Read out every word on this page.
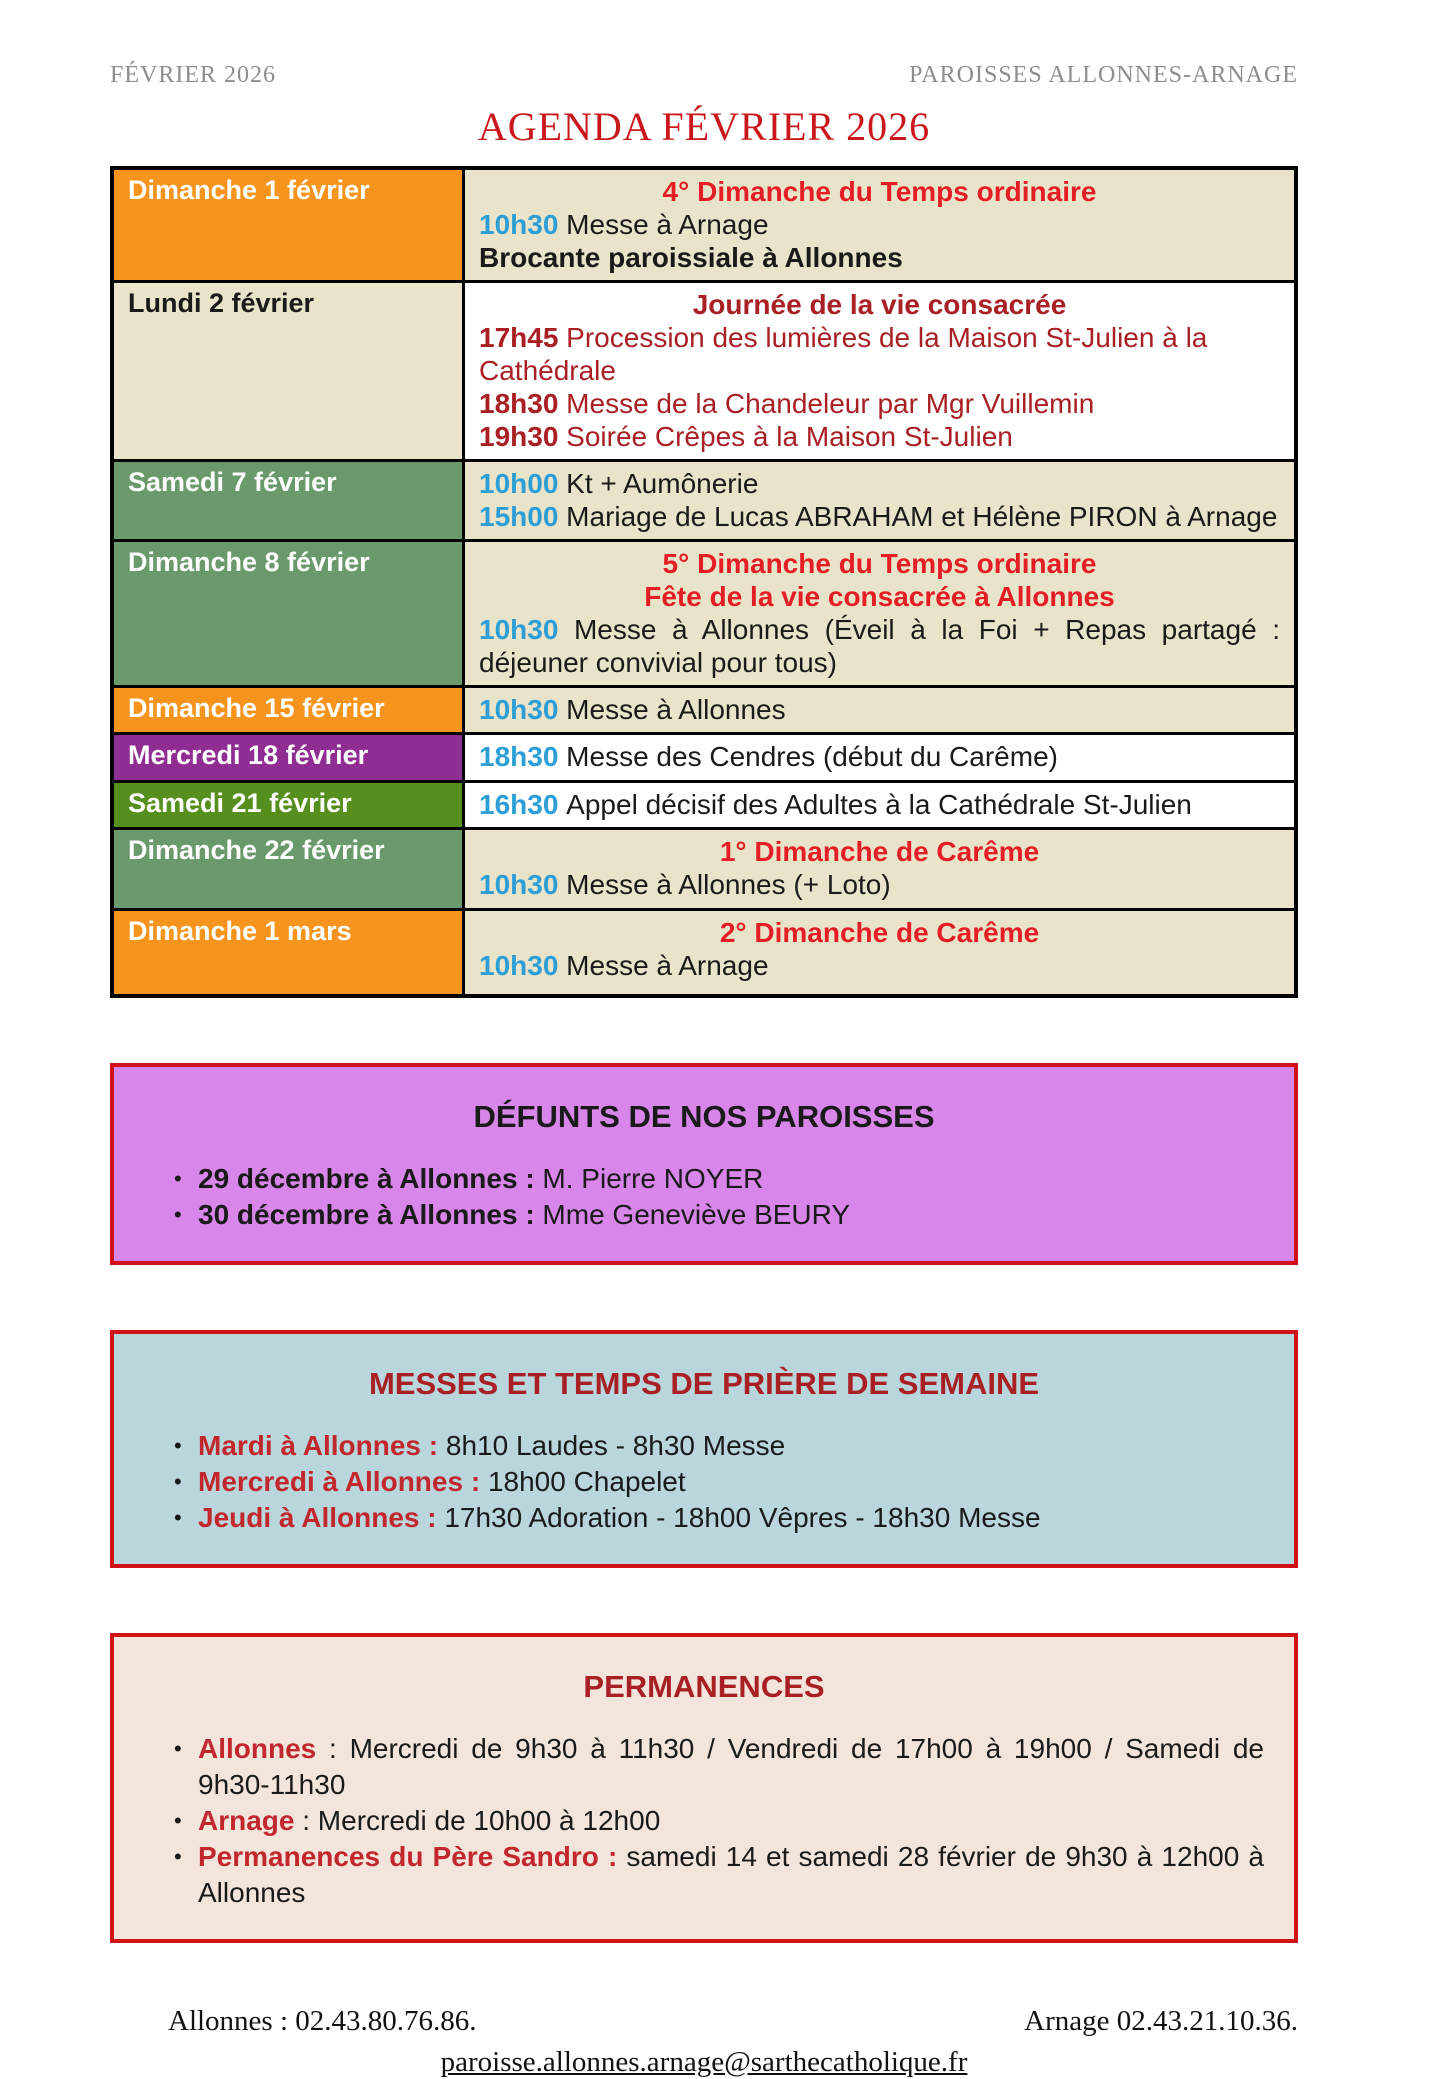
FÉVRIER 2026	PAROISSES ALLONNES-ARNAGE
AGENDA FÉVRIER 2026
Dimanche 1 février	4° Dimanche du Temps ordinaire
10h30 Messe à Arnage
Brocante paroissiale à Allonnes

Lundi 2 février	Journée de la vie consacrée
17h45 Procession des lumières de la Maison St-Julien à la Cathédrale
18h30 Messe de la Chandeleur par Mgr Vuillemin
19h30 Soirée Crêpes à la Maison St-Julien

Samedi 7 février	10h00 Kt + Aumônerie
15h00 Mariage de Lucas ABRAHAM et Hélène PIRON à Arnage

Dimanche 8 février	5° Dimanche du Temps ordinaire
Fête de la vie consacrée à Allonnes
10h30 Messe à Allonnes (Éveil à la Foi + Repas partagé : déjeuner convivial pour tous)

Dimanche 15 février	10h30 Messe à Allonnes

Mercredi 18 février	18h30 Messe des Cendres (début du Carême)

Samedi 21 février	16h30 Appel décisif des Adultes à la Cathédrale St-Julien

Dimanche 22 février	1° Dimanche de Carême
10h30 Messe à Allonnes (+ Loto)

Dimanche 1 mars	2° Dimanche de Carême
10h30 Messe à Arnage
DÉFUNTS DE NOS PAROISSES
• 29 décembre à Allonnes : M. Pierre NOYER
• 30 décembre à Allonnes : Mme Geneviève BEURY
MESSES ET TEMPS DE PRIÈRE DE SEMAINE
• Mardi à Allonnes : 8h10 Laudes - 8h30 Messe
• Mercredi à Allonnes : 18h00 Chapelet
• Jeudi à Allonnes : 17h30 Adoration - 18h00 Vêpres - 18h30 Messe
PERMANENCES
• Allonnes : Mercredi de 9h30 à 11h30 / Vendredi de 17h00 à 19h00 / Samedi de 9h30-11h30
• Arnage : Mercredi de 10h00 à 12h00
• Permanences du Père Sandro : samedi 14 et samedi 28 février de 9h30 à 12h00 à Allonnes
Allonnes : 02.43.80.76.86.	Arnage 02.43.21.10.36.
paroisse.allonnes.arnage@sarthecatholique.fr
